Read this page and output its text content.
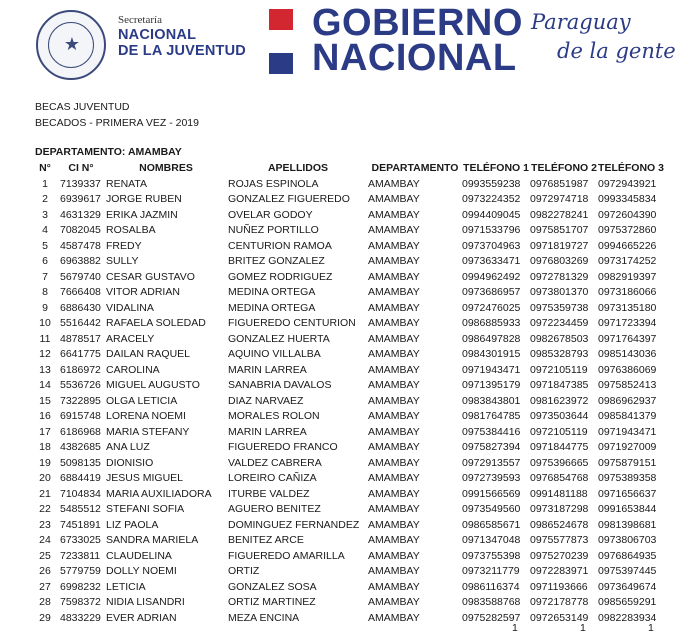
★
Secretaría
NACIONAL
DE LA JUVENTUD
GOBIERNO
NACIONAL
Paraguay
de la gente
BECAS JUVENTUD
BECADOS - PRIMERA VEZ - 2019
DEPARTAMENTO: AMAMBAY
N°	CI N°	NOMBRES	APELLIDOS	DEPARTAMENTO	TELÉFONO 1	TELÉFONO 2	TELÉFONO 3
1	7139337	RENATA	ROJAS ESPINOLA	AMAMBAY	0993559238	0976851987	0972943921
2	6939617	JORGE RUBEN	GONZALEZ FIGUEREDO	AMAMBAY	0973224352	0972974718	0993345834
3	4631329	ERIKA JAZMIN	OVELAR GODOY	AMAMBAY	0994409045	0982278241	0972604390
4	7082045	ROSALBA	NUÑEZ PORTILLO	AMAMBAY	0971533796	0975851707	0975372860
5	4587478	FREDY	CENTURION RAMOA	AMAMBAY	0973704963	0971819727	0994665226
6	6963882	SULLY	BRITEZ GONZALEZ	AMAMBAY	0973633471	0976803269	0973174252
7	5679740	CESAR GUSTAVO	GOMEZ RODRIGUEZ	AMAMBAY	0994962492	0972781329	0982919397
8	7666408	VITOR ADRIAN	MEDINA ORTEGA	AMAMBAY	0973686957	0973801370	0973186066
9	6886430	VIDALINA	MEDINA ORTEGA	AMAMBAY	0972476025	0975359738	0973135180
10	5516442	RAFAELA SOLEDAD	FIGUEREDO CENTURION	AMAMBAY	0986885933	0972234459	0971723394
11	4878517	ARACELY	GONZALEZ HUERTA	AMAMBAY	0986497828	0982678503	0971764397
12	6641775	DAILAN RAQUEL	AQUINO VILLALBA	AMAMBAY	0984301915	0985328793	0985143036
13	6186972	CAROLINA	MARIN LARREA	AMAMBAY	0971943471	0972105119	0976386069
14	5536726	MIGUEL AUGUSTO	SANABRIA DAVALOS	AMAMBAY	0971395179	0971847385	0975852413
15	7322895	OLGA LETICIA	DIAZ NARVAEZ	AMAMBAY	0983843801	0981623972	0986962937
16	6915748	LORENA NOEMI	MORALES ROLON	AMAMBAY	0981764785	0973503644	0985841379
17	6186968	MARIA STEFANY	MARIN LARREA	AMAMBAY	0975384416	0972105119	0971943471
18	4382685	ANA LUZ	FIGUEREDO FRANCO	AMAMBAY	0975827394	0971844775	0971927009
19	5098135	DIONISIO	VALDEZ CABRERA	AMAMBAY	0972913557	0975396665	0975879151
20	6884419	JESUS MIGUEL	LOREIRO CAÑIZA	AMAMBAY	0972739593	0976854768	0975389358
21	7104834	MARIA AUXILIADORA	ITURBE VALDEZ	AMAMBAY	0991566569	0991481188	0971656637
22	5485512	STEFANI SOFIA	AGUERO BENITEZ	AMAMBAY	0973549560	0973187298	0991653844
23	7451891	LIZ PAOLA	DOMINGUEZ FERNANDEZ	AMAMBAY	0986585671	0986524678	0981398681
24	6733025	SANDRA MARIELA	BENITEZ ARCE	AMAMBAY	0971347048	0975577873	0973806703
25	7233811	CLAUDELINA	FIGUEREDO AMARILLA	AMAMBAY	0973755398	0975270239	0976864935
26	5779759	DOLLY NOEMI	ORTIZ	AMAMBAY	0973211779	0972283971	0975397445
27	6998232	LETICIA	GONZALEZ SOSA	AMAMBAY	0986116374	0971193666	0973649674
28	7598372	NIDIA LISANDRI	ORTIZ MARTINEZ	AMAMBAY	0983588768	0972178778	0985659291
29	4833229	EVER ADRIAN	MEZA ENCINA	AMAMBAY	0975282597	0972653149	0982283934
1	1	1
